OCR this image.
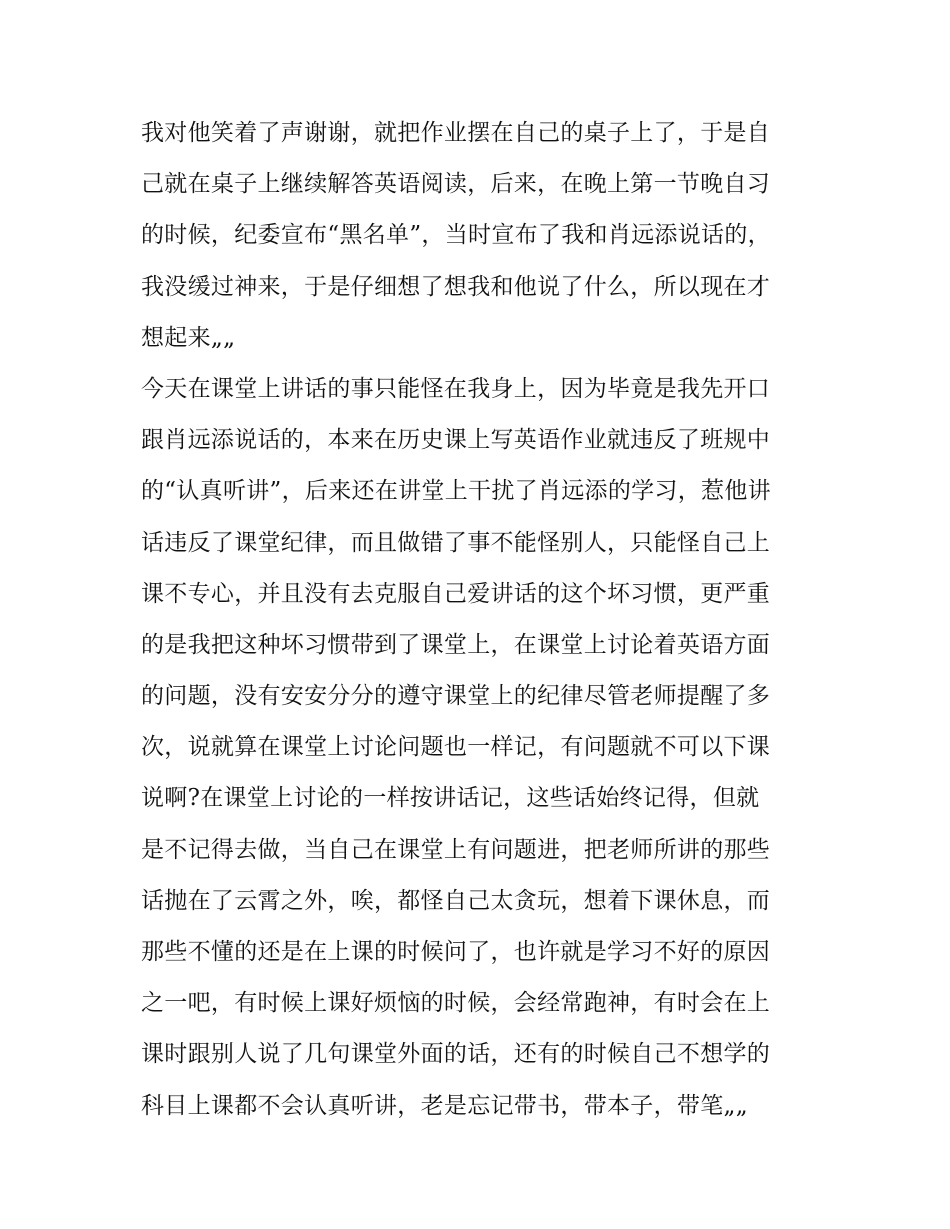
我对他笑着了声谢谢，就把作业摆在自己的桌子上了，于是自
己就在桌子上继续解答英语阅读，后来，在晚上第一节晚自习
的时候，纪委宣布“黑名单”，当时宣布了我和肖远添说话的，
我没缓过神来，于是仔细想了想我和他说了什么，所以现在才
想起来„„
今天在课堂上讲话的事只能怪在我身上，因为毕竟是我先开口
跟肖远添说话的，本来在历史课上写英语作业就违反了班规中
的“认真听讲”，后来还在讲堂上干扰了肖远添的学习，惹他讲
话违反了课堂纪律，而且做错了事不能怪别人，只能怪自己上
课不专心，并且没有去克服自己爱讲话的这个坏习惯，更严重
的是我把这种坏习惯带到了课堂上，在课堂上讨论着英语方面
的问题，没有安安分分的遵守课堂上的纪律尽管老师提醒了多
次，说就算在课堂上讨论问题也一样记，有问题就不可以下课
说啊?在课堂上讨论的一样按讲话记，这些话始终记得，但就
是不记得去做，当自己在课堂上有问题进，把老师所讲的那些
话抛在了云霄之外，唉，都怪自己太贪玩，想着下课休息，而
那些不懂的还是在上课的时候问了，也许就是学习不好的原因
之一吧，有时候上课好烦恼的时候，会经常跑神，有时会在上
课时跟别人说了几句课堂外面的话，还有的时候自己不想学的
科目上课都不会认真听讲，老是忘记带书，带本子，带笔„„
